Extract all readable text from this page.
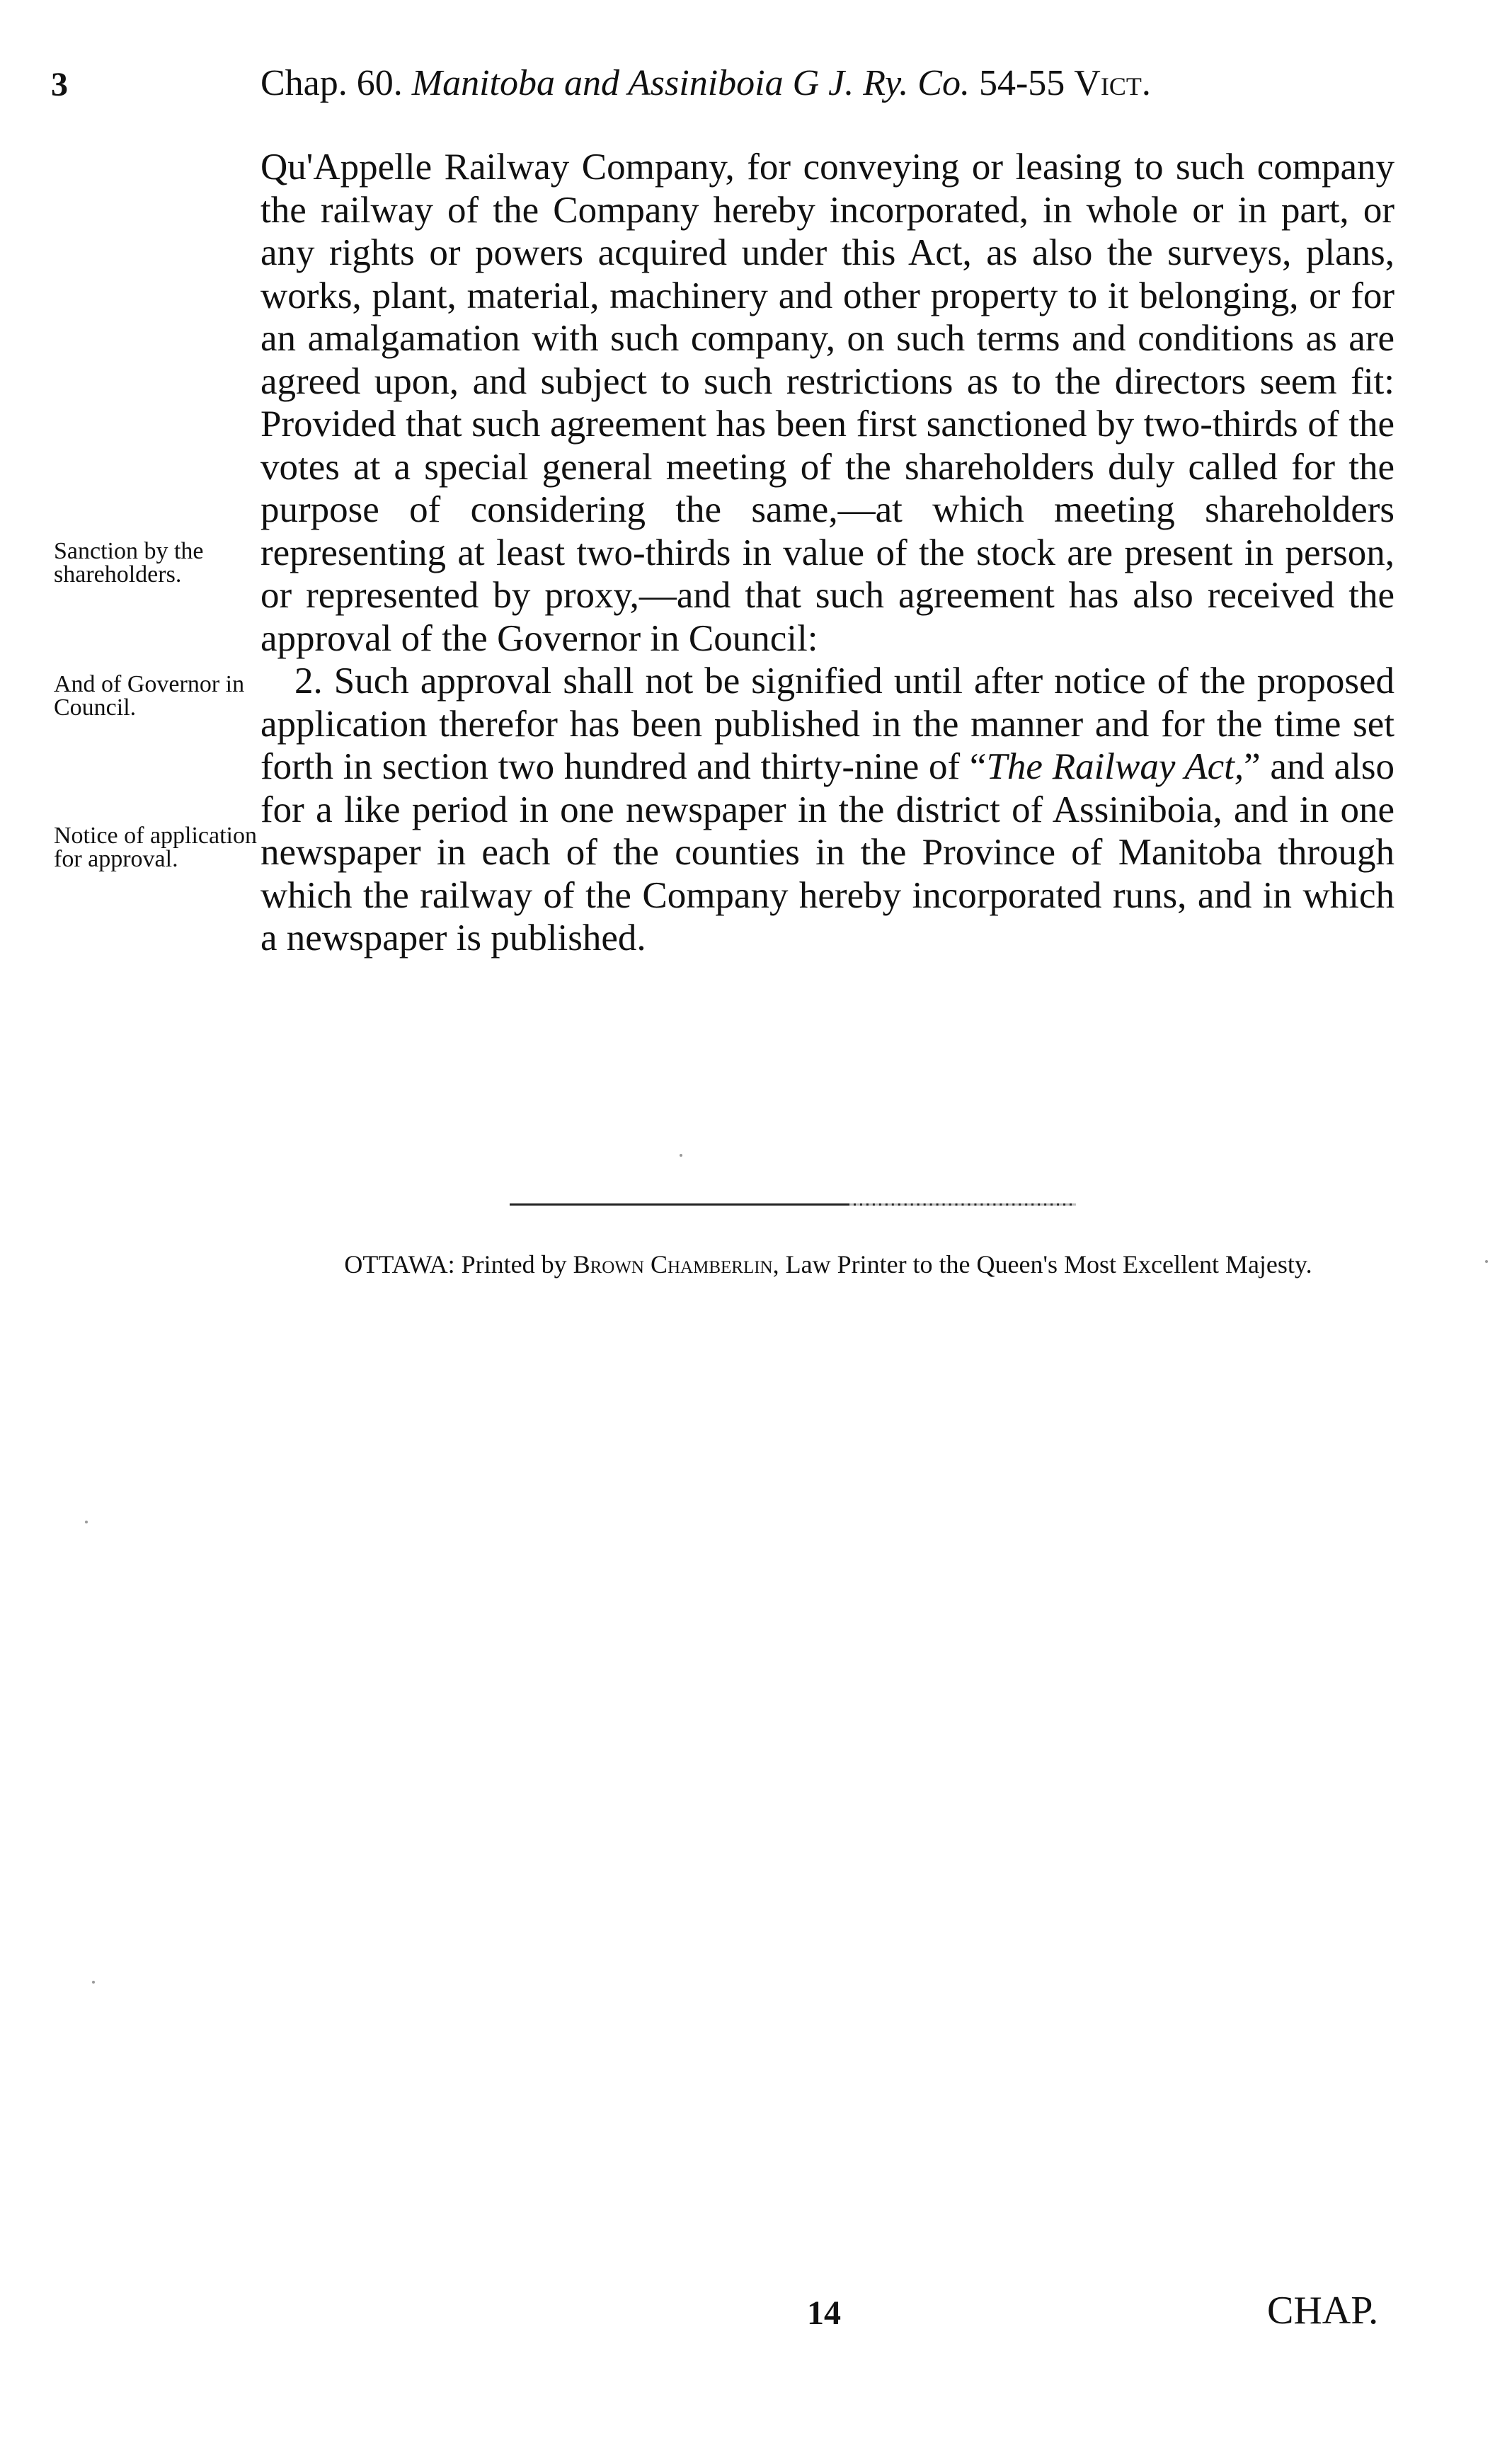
3	Chap. 60. Manitoba and Assiniboia G J. Ry. Co. 54-55 Vict.

Qu'Appelle Railway Company, for conveying or leasing to such company the railway of the Company hereby incorporated, in whole or in part, or any rights or powers acquired under this Act, as also the surveys, plans, works, plant, material, machinery and other property to it belonging, or for an amalgamation with such company, on such terms and conditions as are agreed upon, and subject to such restrictions as to the directors seem fit: Provided that such agreement has been first sanctioned by two-thirds of the votes at a special general meeting of the shareholders duly called for the purpose of considering the same,—at which meeting shareholders representing at least two-thirds in value of the stock are present in person, or represented by proxy,—and that such agreement has also received the approval of the Governor in Council:

2. Such approval shall not be signified until after notice of the proposed application therefor has been published in the manner and for the time set forth in section two hundred and thirty-nine of “The Railway Act,” and also for a like period in one newspaper in the district of Assiniboia, and in one newspaper in each of the counties in the Province of Manitoba through which the railway of the Company hereby incorporated runs, and in which a newspaper is published.

Sanction by the shareholders.
And of Governor in Council.
Notice of application for approval.
OTTAWA: Printed by Brown Chamberlin, Law Printer to the Queen's Most Excellent Majesty.
14	CHAP.
